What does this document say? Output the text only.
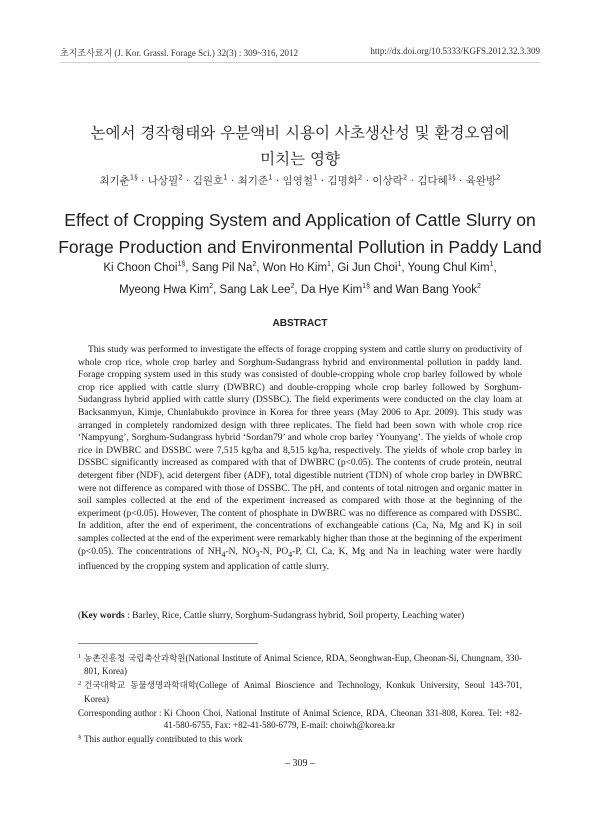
초지조사료지 (J. Kor. Grassl. Forage Sci.) 32(3) : 309~316, 2012	http://dx.doi.org/10.5333/KGFS.2012.32.3.309
논에서 경작형태와 우분액비 시용이 사초생산성 및 환경오염에
미치는 영향
최기춘$^{1\S}$ · 나상필$^2$ · 김원호$^1$ · 최기준$^1$ · 임영철$^1$ · 김명화$^2$ · 이상락$^2$ · 김다혜$^{1\S}$ · 육완방$^2$
Effect of Cropping System and Application of Cattle Slurry on
Forage Production and Environmental Pollution in Paddy Land
Ki Choon Choi$^{1\S}$, Sang Pil Na$^2$, Won Ho Kim$^1$, Gi Jun Choi$^1$, Young Chul Kim$^1$,
Myeong Hwa Kim$^2$, Sang Lak Lee$^2$, Da Hye Kim$^{1\S}$ and Wan Bang Yook$^2$
ABSTRACT
This study was performed to investigate the effects of forage cropping system and cattle slurry on productivity of whole crop rice, whole crop barley and Sorghum-Sudangrass hybrid and environmental pollution in paddy land. Forage cropping system used in this study was consisted of double-cropping whole crop barley followed by whole crop rice applied with cattle slurry (DWBRC) and double-cropping whole crop barley followed by Sorghum-Sudangrass hybrid applied with cattle slurry (DSSBC). The field experiments were conducted on the clay loam at Backsanmyun, Kimje, Chunlabukdo province in Korea for three years (May 2006 to Apr. 2009). This study was arranged in completely randomized design with three replicates. The field had been sown with whole crop rice ‘Nampyung’, Sorghum-Sudangrass hybrid ‘Sordan79’ and whole crop barley ‘Younyang’. The yields of whole crop rice in DWBRC and DSSBC were 7,515 kg/ha and 8,515 kg/ha, respectively. The yields of whole crop barley in DSSBC significantly increased as compared with that of DWBRC (p<0.05). The contents of crude protein, neutral detergent fiber (NDF), acid detergent fiber (ADF), total digestible nutrient (TDN) of whole crop barley in DWBRC were not difference as compared with those of DSSBC. The pH, and contents of total nitrogen and organic matter in soil samples collected at the end of the experiment increased as compared with those at the beginning of the experiment (p<0.05). However, The content of phosphate in DWBRC was no difference as compared with DSSBC. In addition, after the end of experiment, the concentrations of exchangeable cations (Ca, Na, Mg and K) in soil samples collected at the end of the experiment were remarkably higher than those at the beginning of the experiment (p<0.05). The concentrations of $NH_4-N$, $NO_3-N$, $PO_4-P$, Cl, Ca, K, Mg and Na in leaching water were hardly influenced by the cropping system and application of cattle slurry.
(Key words : Barley, Rice, Cattle slurry, Sorghum-Sudangrass hybrid, Soil property, Leaching water)
1 농촌진흥청 국립축산과학원(National Institute of Animal Science, RDA, Seonghwan-Eup, Cheonan-Si, Chungnam, 330-801, Korea)
2 건국대학교 동물생명과학대학(College of Animal Bioscience and Technology, Konkuk University, Seoul 143-701, Korea)
Corresponding author :
Ki Choon Choi, National Institute of Animal Science, RDA, Cheonan 331-808, Korea. Tel: +82-41-580-6755, Fax: +82-41-580-6779, E-mail: choiwh@korea.kr
§ This author equally contributed to this work
– 309 –
